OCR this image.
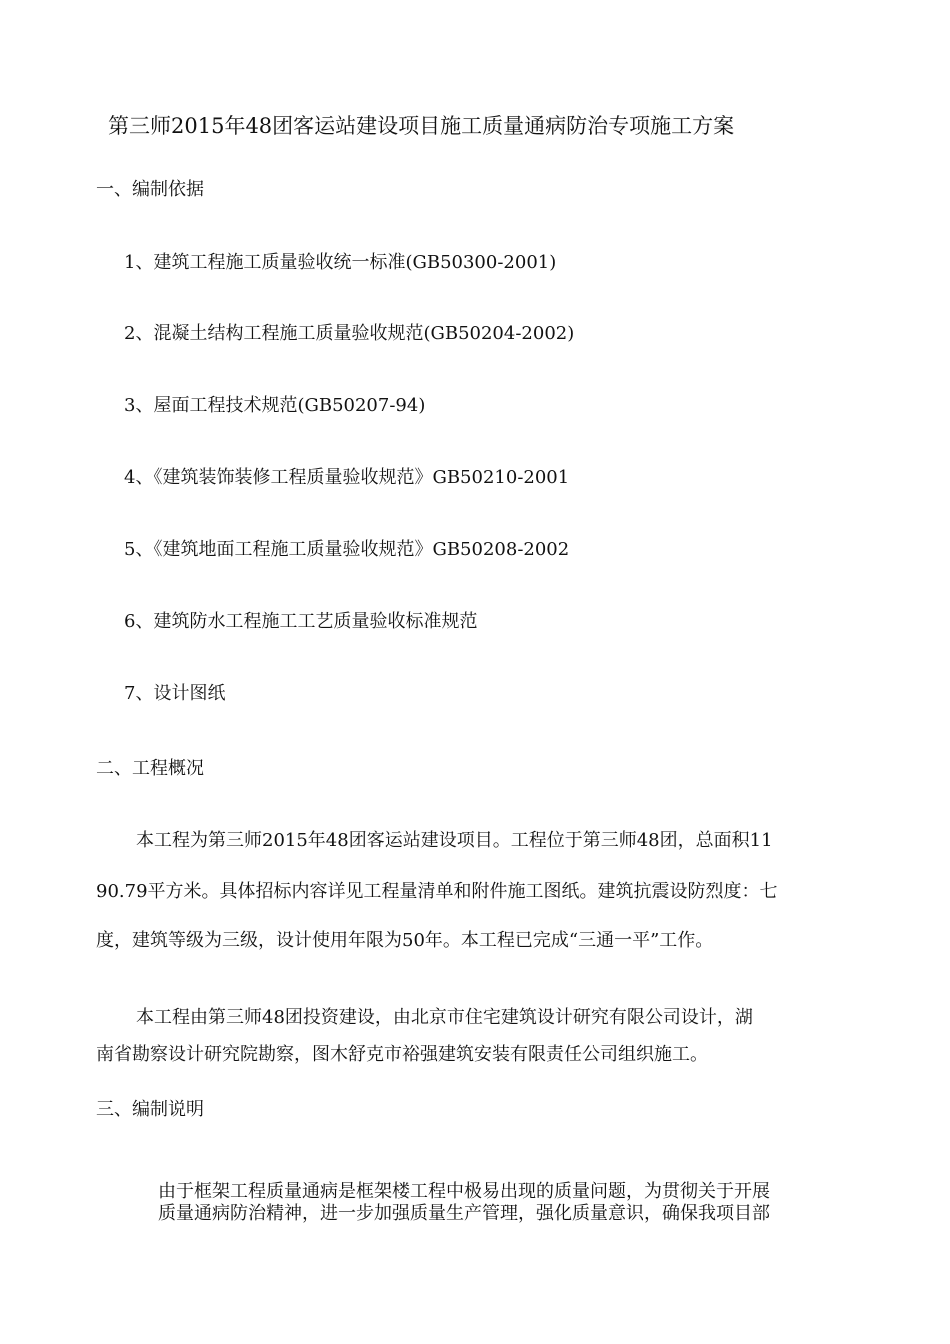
第三师2015年48团客运站建设项目施工质量通病防治专项施工方案
一、编制依据
1、建筑工程施工质量验收统一标准(GB50300-2001)
2、混凝土结构工程施工质量验收规范(GB50204-2002)
3、屋面工程技术规范(GB50207-94)
4、《建筑装饰装修工程质量验收规范》GB50210-2001
5、《建筑地面工程施工质量验收规范》GB50208-2002
6、建筑防水工程施工工艺质量验收标准规范
7、设计图纸
二、工程概况
本工程为第三师2015年48团客运站建设项目。工程位于第三师48团，总面积11
90.79平方米。具体招标内容详见工程量清单和附件施工图纸。建筑抗震设防烈度：七
度，建筑等级为三级，设计使用年限为50年。本工程已完成“三通一平”工作。
本工程由第三师48团投资建设，由北京市住宅建筑设计研究有限公司设计，湖
南省勘察设计研究院勘察，图木舒克市裕强建筑安装有限责任公司组织施工。
三、编制说明
由于框架工程质量通病是框架楼工程中极易出现的质量问题，为贯彻关于开展
质量通病防治精神，进一步加强质量生产管理，强化质量意识，确保我项目部
